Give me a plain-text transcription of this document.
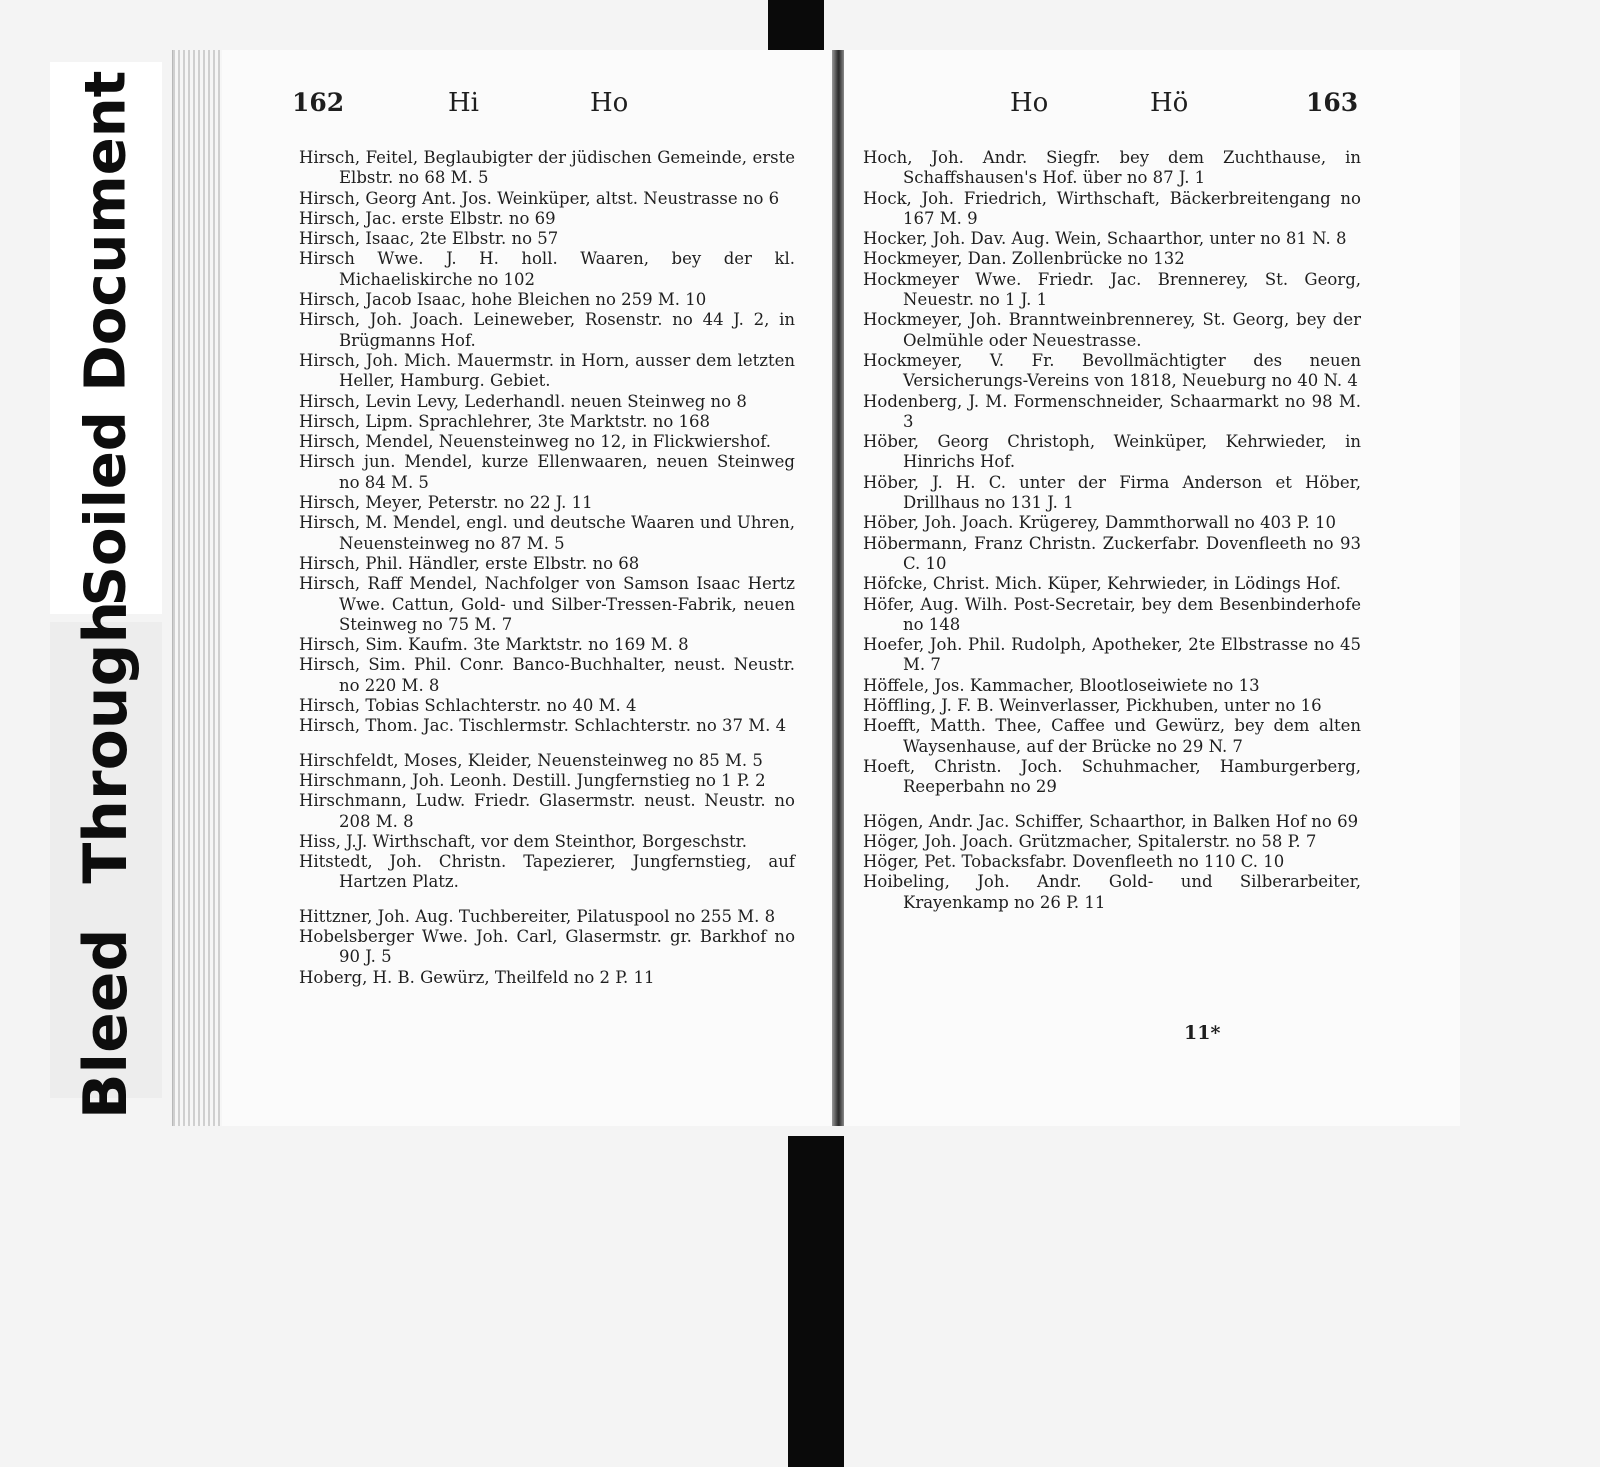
Soiled Document
Bleed Through
162	Hi	Ho
Hirsch, Feitel, Beglaubigter der jüdischen Gemeinde, erste Elbstr. no 68 M. 5
Hirsch, Georg Ant. Jos. Weinküper, altst. Neustrasse no 6
Hirsch, Jac. erste Elbstr. no 69
Hirsch, Isaac, 2te Elbstr. no 57
Hirsch Wwe. J. H. holl. Waaren, bey der kl. Michaeliskirche no 102
Hirsch, Jacob Isaac, hohe Bleichen no 259 M. 10
Hirsch, Joh. Joach. Leineweber, Rosenstr. no 44 J. 2, in Brügmanns Hof.
Hirsch, Joh. Mich. Mauermstr. in Horn, ausser dem letzten Heller, Hamburg. Gebiet.
Hirsch, Levin Levy, Lederhandl. neuen Steinweg no 8
Hirsch, Lipm. Sprachlehrer, 3te Marktstr. no 168
Hirsch, Mendel, Neuensteinweg no 12, in Flickwiershof.
Hirsch jun. Mendel, kurze Ellenwaaren, neuen Steinweg no 84 M. 5
Hirsch, Meyer, Peterstr. no 22 J. 11
Hirsch, M. Mendel, engl. und deutsche Waaren und Uhren, Neuensteinweg no 87 M. 5
Hirsch, Phil. Händler, erste Elbstr. no 68
Hirsch, Raff Mendel, Nachfolger von Samson Isaac Hertz Wwe. Cattun, Gold- und Silber-Tressen-Fabrik, neuen Steinweg no 75 M. 7
Hirsch, Sim. Kaufm. 3te Marktstr. no 169 M. 8
Hirsch, Sim. Phil. Conr. Banco-Buchhalter, neust. Neustr. no 220 M. 8
Hirsch, Tobias Schlachterstr. no 40 M. 4
Hirsch, Thom. Jac. Tischlermstr. Schlachterstr. no 37 M. 4
Hirschfeldt, Moses, Kleider, Neuensteinweg no 85 M. 5
Hirschmann, Joh. Leonh. Destill. Jungfernstieg no 1 P. 2
Hirschmann, Ludw. Friedr. Glasermstr. neust. Neustr. no 208 M. 8
Hiss, J.J. Wirthschaft, vor dem Steinthor, Borgeschstr.
Hitstedt, Joh. Christn. Tapezierer, Jungfernstieg, auf Hartzen Platz.
Hittzner, Joh. Aug. Tuchbereiter, Pilatuspool no 255 M. 8
Hobelsberger Wwe. Joh. Carl, Glasermstr. gr. Barkhof no 90 J. 5
Hoberg, H. B. Gewürz, Theilfeld no 2 P. 11
Ho	Hö	163
Hoch, Joh. Andr. Siegfr. bey dem Zuchthause, in Schaffshausen's Hof. über no 87 J. 1
Hock, Joh. Friedrich, Wirthschaft, Bäckerbreitengang no 167 M. 9
Hocker, Joh. Dav. Aug. Wein, Schaarthor, unter no 81 N. 8
Hockmeyer, Dan. Zollenbrücke no 132
Hockmeyer Wwe. Friedr. Jac. Brennerey, St. Georg, Neuestr. no 1 J. 1
Hockmeyer, Joh. Branntweinbrennerey, St. Georg, bey der Oelmühle oder Neuestrasse.
Hockmeyer, V. Fr. Bevollmächtigter des neuen Versicherungs-Vereins von 1818, Neueburg no 40 N. 4
Hodenberg, J. M. Formenschneider, Schaarmarkt no 98 M. 3
Höber, Georg Christoph, Weinküper, Kehrwieder, in Hinrichs Hof.
Höber, J. H. C. unter der Firma Anderson et Höber, Drillhaus no 131 J. 1
Höber, Joh. Joach. Krügerey, Dammthorwall no 403 P. 10
Höbermann, Franz Christn. Zuckerfabr. Dovenfleeth no 93 C. 10
Höfcke, Christ. Mich. Küper, Kehrwieder, in Lödings Hof.
Höfer, Aug. Wilh. Post-Secretair, bey dem Besenbinderhofe no 148
Hoefer, Joh. Phil. Rudolph, Apotheker, 2te Elbstrasse no 45 M. 7
Höffele, Jos. Kammacher, Blootloseiwiete no 13
Höffling, J. F. B. Weinverlasser, Pickhuben, unter no 16
Hoefft, Matth. Thee, Caffee und Gewürz, bey dem alten Waysenhause, auf der Brücke no 29 N. 7
Hoeft, Christn. Joch. Schuhmacher, Hamburgerberg, Reeperbahn no 29
Högen, Andr. Jac. Schiffer, Schaarthor, in Balken Hof no 69
Höger, Joh. Joach. Grützmacher, Spitalerstr. no 58 P. 7
Höger, Pet. Tobacksfabr. Dovenfleeth no 110 C. 10
Hoibeling, Joh. Andr. Gold- und Silberarbeiter, Krayenkamp no 26 P. 11
11*
